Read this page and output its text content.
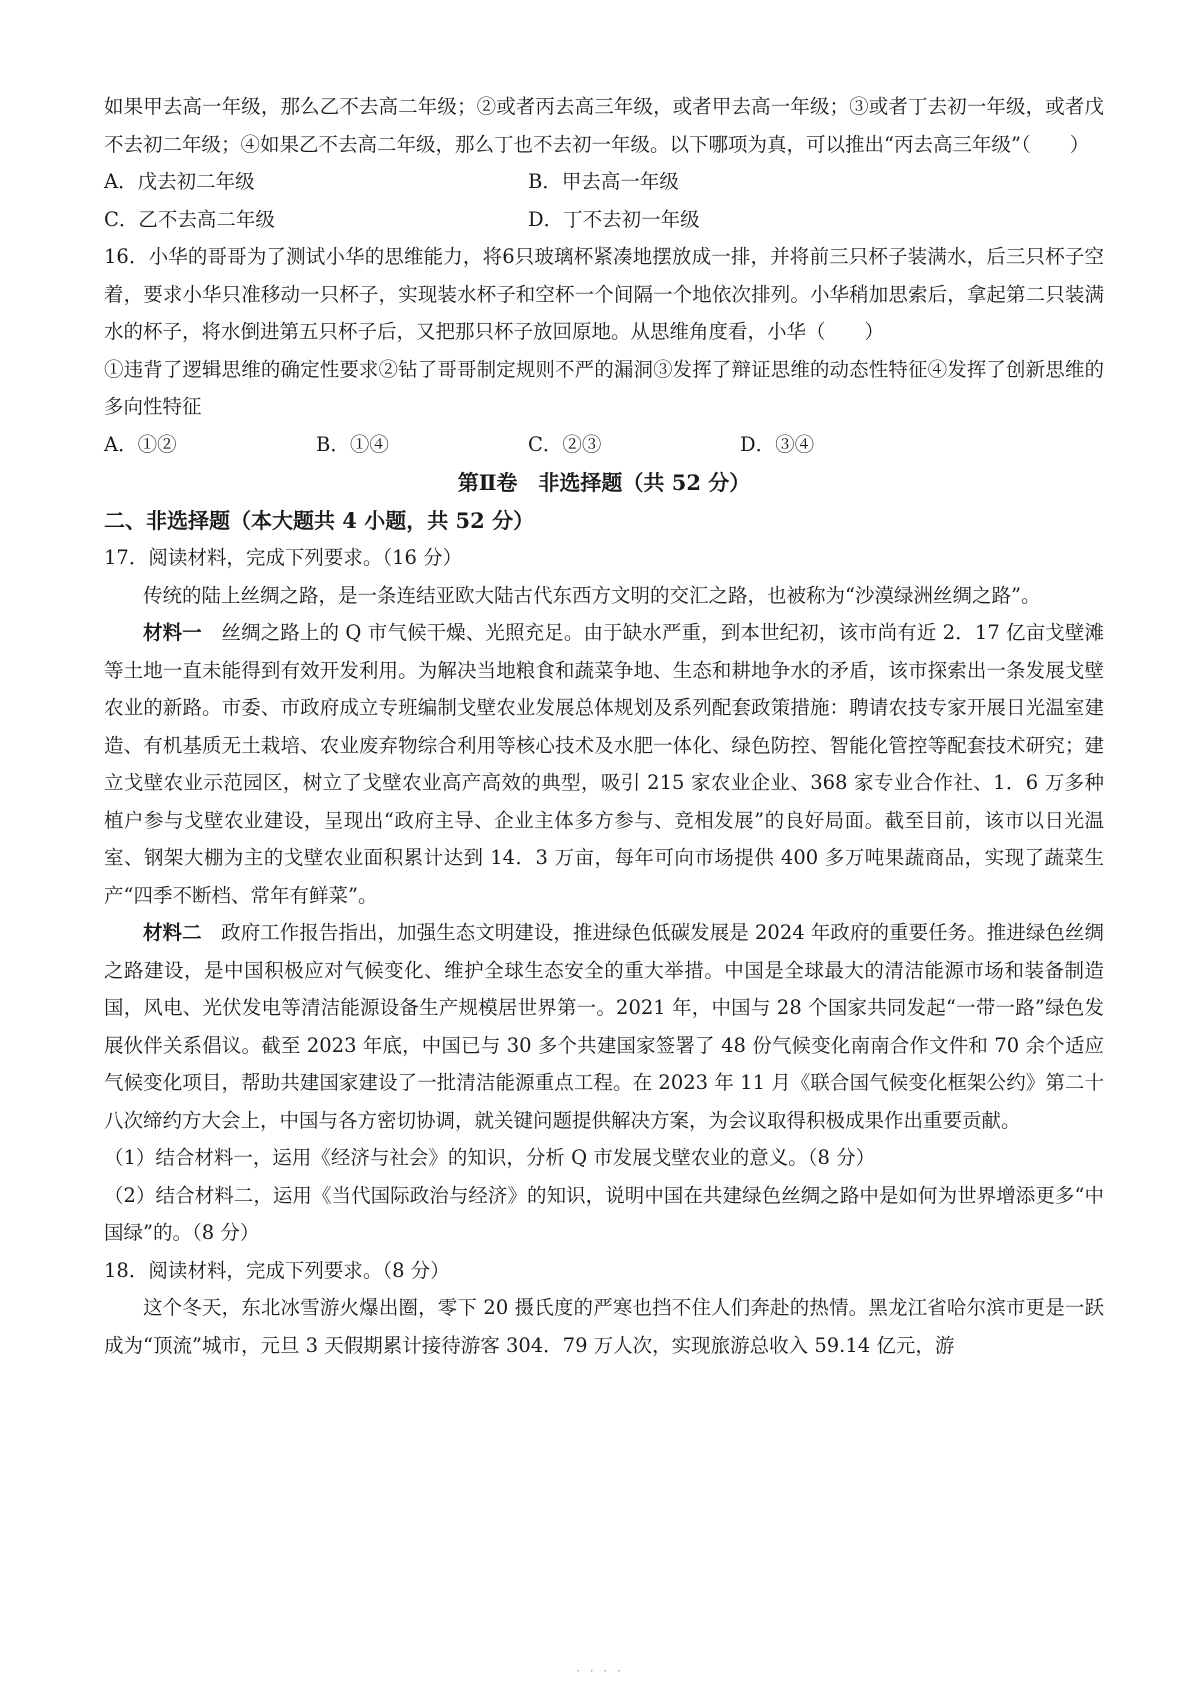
如果甲去高一年级，那么乙不去高二年级；②或者丙去高三年级，或者甲去高一年级；③或者丁去初一年级，或者戊不去初二年级；④如果乙不去高二年级，那么丁也不去初一年级。以下哪项为真，可以推出“丙去高三年级”（　　）

A．戊去初二年级	B．甲去高一年级
C．乙不去高二年级	D．丁不去初一年级

16．小华的哥哥为了测试小华的思维能力，将6只玻璃杯紧凑地摆放成一排，并将前三只杯子装满水，后三只杯子空着，要求小华只准移动一只杯子，实现装水杯子和空杯一个间隔一个地依次排列。小华稍加思索后，拿起第二只装满水的杯子，将水倒进第五只杯子后，又把那只杯子放回原地。从思维角度看，小华（　　）

①违背了逻辑思维的确定性要求②钻了哥哥制定规则不严的漏洞③发挥了辩证思维的动态性特征④发挥了创新思维的多向性特征

A．①②	B．①④	C．②③	D．③④
第Ⅱ卷　非选择题（共 52 分）
二、非选择题（本大题共 4 小题，共 52 分）

17．阅读材料，完成下列要求。（16 分）

传统的陆上丝绸之路，是一条连结亚欧大陆古代东西方文明的交汇之路，也被称为“沙漠绿洲丝绸之路”。

材料一　丝绸之路上的 Q 市气候干燥、光照充足。由于缺水严重，到本世纪初，该市尚有近 2．17 亿亩戈壁滩等土地一直未能得到有效开发利用。为解决当地粮食和蔬菜争地、生态和耕地争水的矛盾，该市探索出一条发展戈壁农业的新路。市委、市政府成立专班编制戈壁农业发展总体规划及系列配套政策措施：聘请农技专家开展日光温室建造、有机基质无土栽培、农业废弃物综合利用等核心技术及水肥一体化、绿色防控、智能化管控等配套技术研究；建立戈壁农业示范园区，树立了戈壁农业高产高效的典型，吸引 215 家农业企业、368 家专业合作社、1．6 万多种植户参与戈壁农业建设，呈现出“政府主导、企业主体多方参与、竞相发展”的良好局面。截至目前，该市以日光温室、钢架大棚为主的戈壁农业面积累计达到 14．3 万亩，每年可向市场提供 400 多万吨果蔬商品，实现了蔬菜生产“四季不断档、常年有鲜菜”。

材料二　政府工作报告指出，加强生态文明建设，推进绿色低碳发展是 2024 年政府的重要任务。推进绿色丝绸之路建设，是中国积极应对气候变化、维护全球生态安全的重大举措。中国是全球最大的清洁能源市场和装备制造国，风电、光伏发电等清洁能源设备生产规模居世界第一。2021 年，中国与 28 个国家共同发起“一带一路”绿色发展伙伴关系倡议。截至 2023 年底，中国已与 30 多个共建国家签署了 48 份气候变化南南合作文件和 70 余个适应气候变化项目，帮助共建国家建设了一批清洁能源重点工程。在 2023 年 11 月《联合国气候变化框架公约》第二十八次缔约方大会上，中国与各方密切协调，就关键问题提供解决方案，为会议取得积极成果作出重要贡献。

（1）结合材料一，运用《经济与社会》的知识，分析 Q 市发展戈壁农业的意义。（8 分）

（2）结合材料二，运用《当代国际政治与经济》的知识，说明中国在共建绿色丝绸之路中是如何为世界增添更多“中国绿”的。（8 分）

18．阅读材料，完成下列要求。（8 分）

这个冬天，东北冰雪游火爆出圈，零下 20 摄氏度的严寒也挡不住人们奔赴的热情。黑龙江省哈尔滨市更是一跃成为“顶流”城市，元旦 3 天假期累计接待游客 304．79 万人次，实现旅游总收入 59.14 亿元，游

· · · ·
